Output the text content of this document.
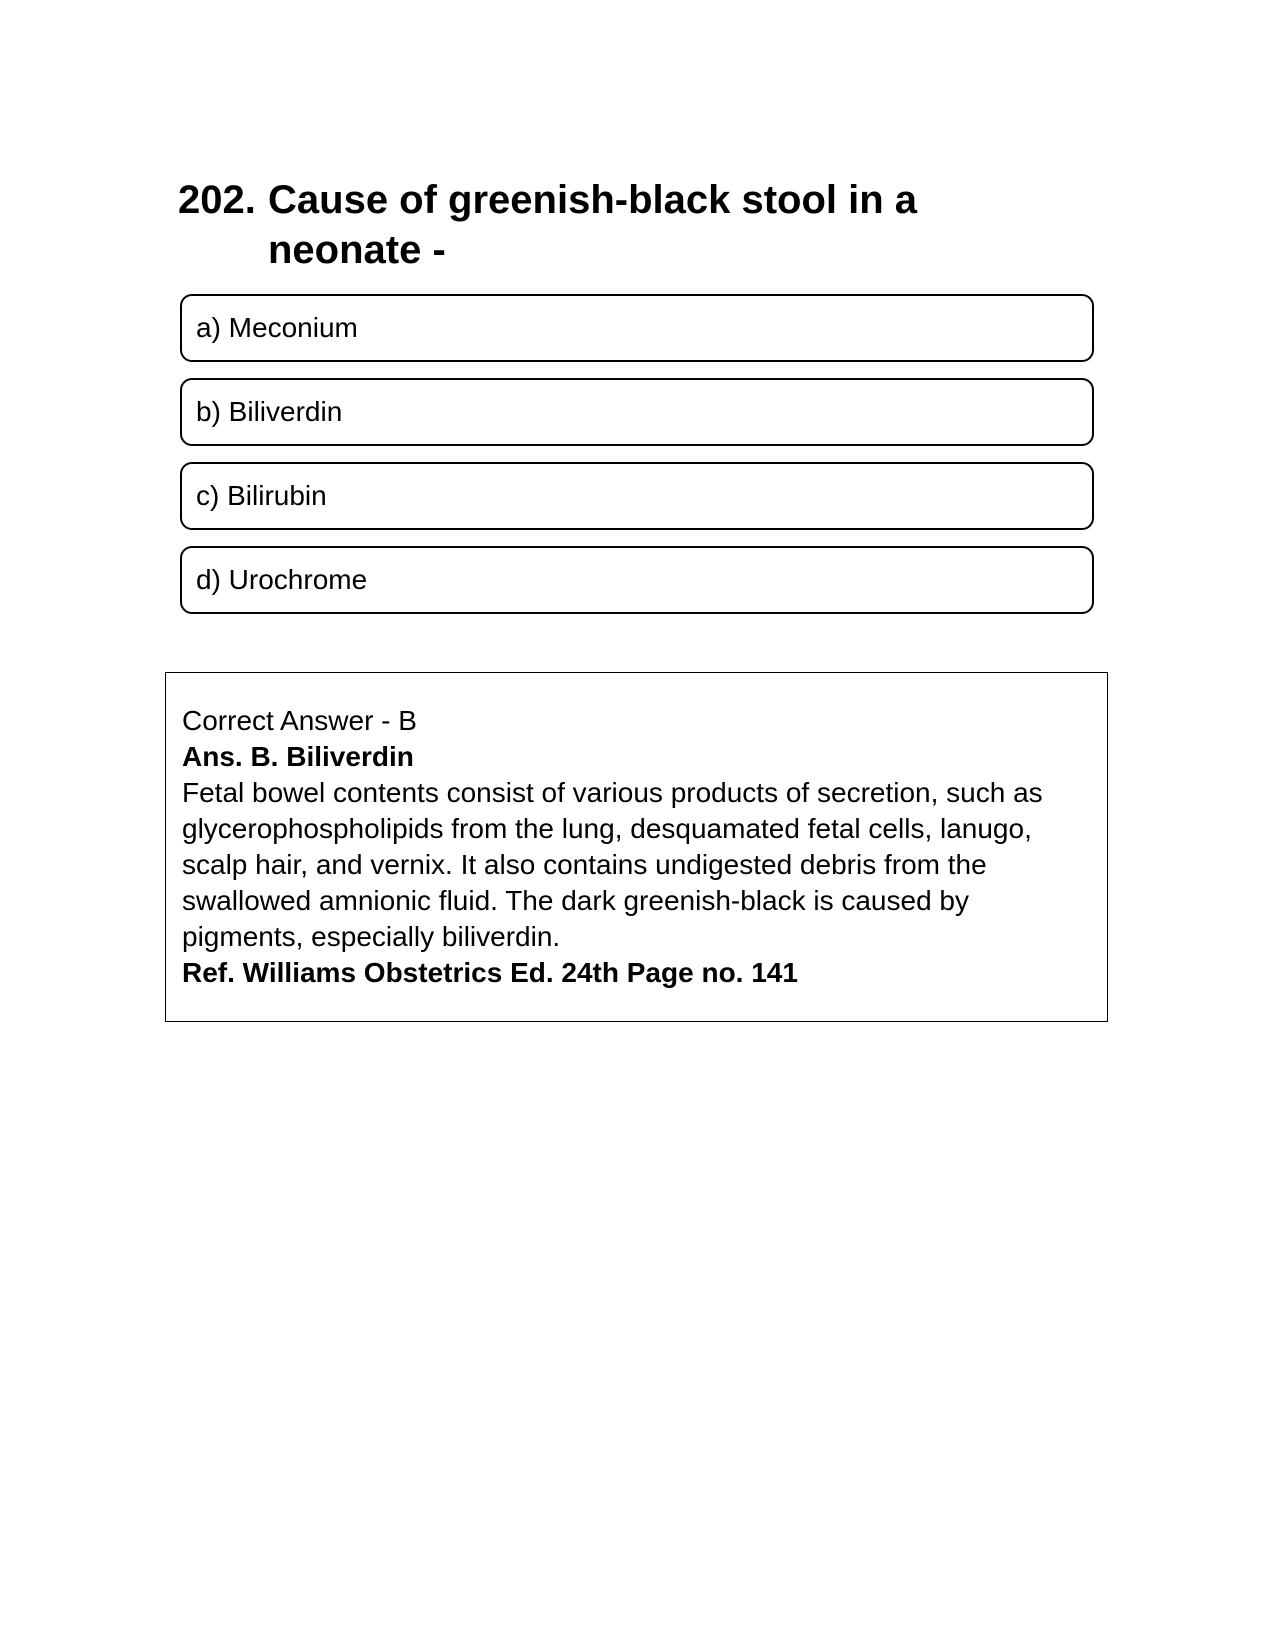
202. Cause of greenish-black stool in a neonate -
a) Meconium
b) Biliverdin
c) Bilirubin
d) Urochrome
Correct Answer - B
Ans. B. Biliverdin
Fetal bowel contents consist of various products of secretion, such as glycerophospholipids from the lung, desquamated fetal cells, lanugo, scalp hair, and vernix. It also contains undigested debris from the swallowed amnionic fluid. The dark greenish-black is caused by pigments, especially biliverdin.
Ref. Williams Obstetrics Ed. 24th Page no. 141
